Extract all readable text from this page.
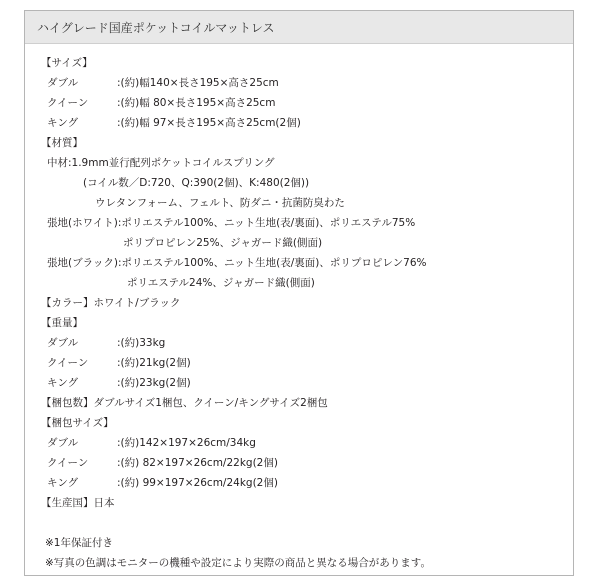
ハイグレード国産ポケットコイルマットレス
【サイズ】
ダブル	:(約)幅140×長さ195×高さ25cm
クイーン	:(約)幅 80×長さ195×高さ25cm
キング	:(約)幅 97×長さ195×高さ25cm(2個)
【材質】
中材:1.9mm並行配列ポケットコイルスプリング
(コイル数／D:720、Q:390(2個)、K:480(2個))
ウレタンフォーム、フェルト、防ダニ・抗菌防臭わた
張地(ホワイト):ポリエステル100%、ニット生地(表/裏面)、ポリエステル75%
ポリプロピレン25%、ジャガード織(側面)
張地(ブラック):ポリエステル100%、ニット生地(表/裏面)、ポリプロピレン76%
ポリエステル24%、ジャガード織(側面)
【カラー】ホワイト/ブラック
【重量】
ダブル	:(約)33kg
クイーン	:(約)21kg(2個)
キング	:(約)23kg(2個)
【梱包数】ダブルサイズ1梱包、クイーン/キングサイズ2梱包
【梱包サイズ】
ダブル	:(約)142×197×26cm/34kg
クイーン	:(約) 82×197×26cm/22kg(2個)
キング	:(約) 99×197×26cm/24kg(2個)
【生産国】日本
※1年保証付き
※写真の色調はモニターの機種や設定により実際の商品と異なる場合があります。
